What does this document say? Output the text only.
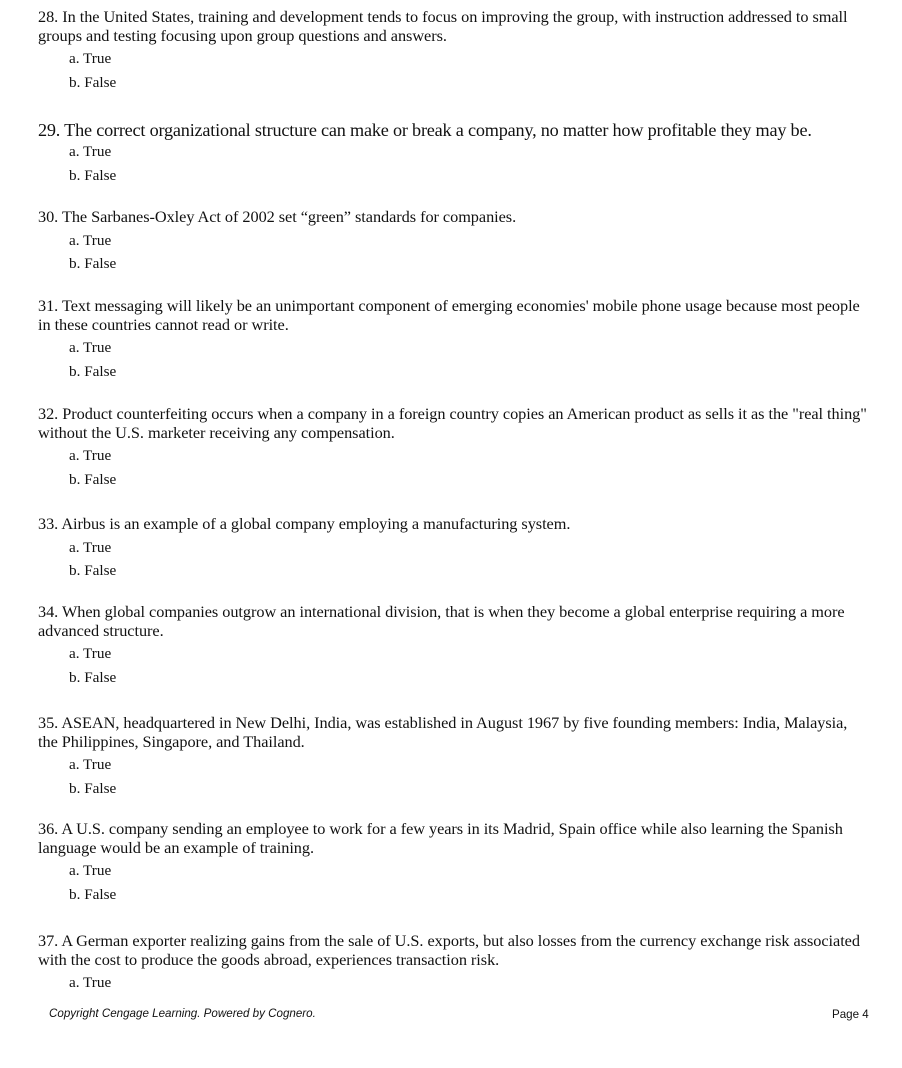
28. In the United States, training and development tends to focus on improving the group, with instruction addressed to small groups and testing focusing upon group questions and answers.

a. True
b. False

29. The correct organizational structure can make or break a company, no matter how profitable they may be.

a. True
b. False

30. The Sarbanes-Oxley Act of 2002 set “green” standards for companies.

a. True
b. False

31. Text messaging will likely be an unimportant component of emerging economies' mobile phone usage because most people in these countries cannot read or write.

a. True
b. False

32. Product counterfeiting occurs when a company in a foreign country copies an American product as sells it as the "real thing" without the U.S. marketer receiving any compensation.

a. True
b. False

33. Airbus is an example of a global company employing a manufacturing system.

a. True
b. False

34. When global companies outgrow an international division, that is when they become a global enterprise requiring a more advanced structure.

a. True
b. False

35. ASEAN, headquartered in New Delhi, India, was established in August 1967 by five founding members: India, Malaysia, the Philippines, Singapore, and Thailand.

a. True
b. False

36. A U.S. company sending an employee to work for a few years in its Madrid, Spain office while also learning the Spanish language would be an example of training.

a. True
b. False

37. A German exporter realizing gains from the sale of U.S. exports, but also losses from the currency exchange risk associated with the cost to produce the goods abroad, experiences transaction risk.

a. True
Copyright Cengage Learning. Powered by Cognero.	Page 4
